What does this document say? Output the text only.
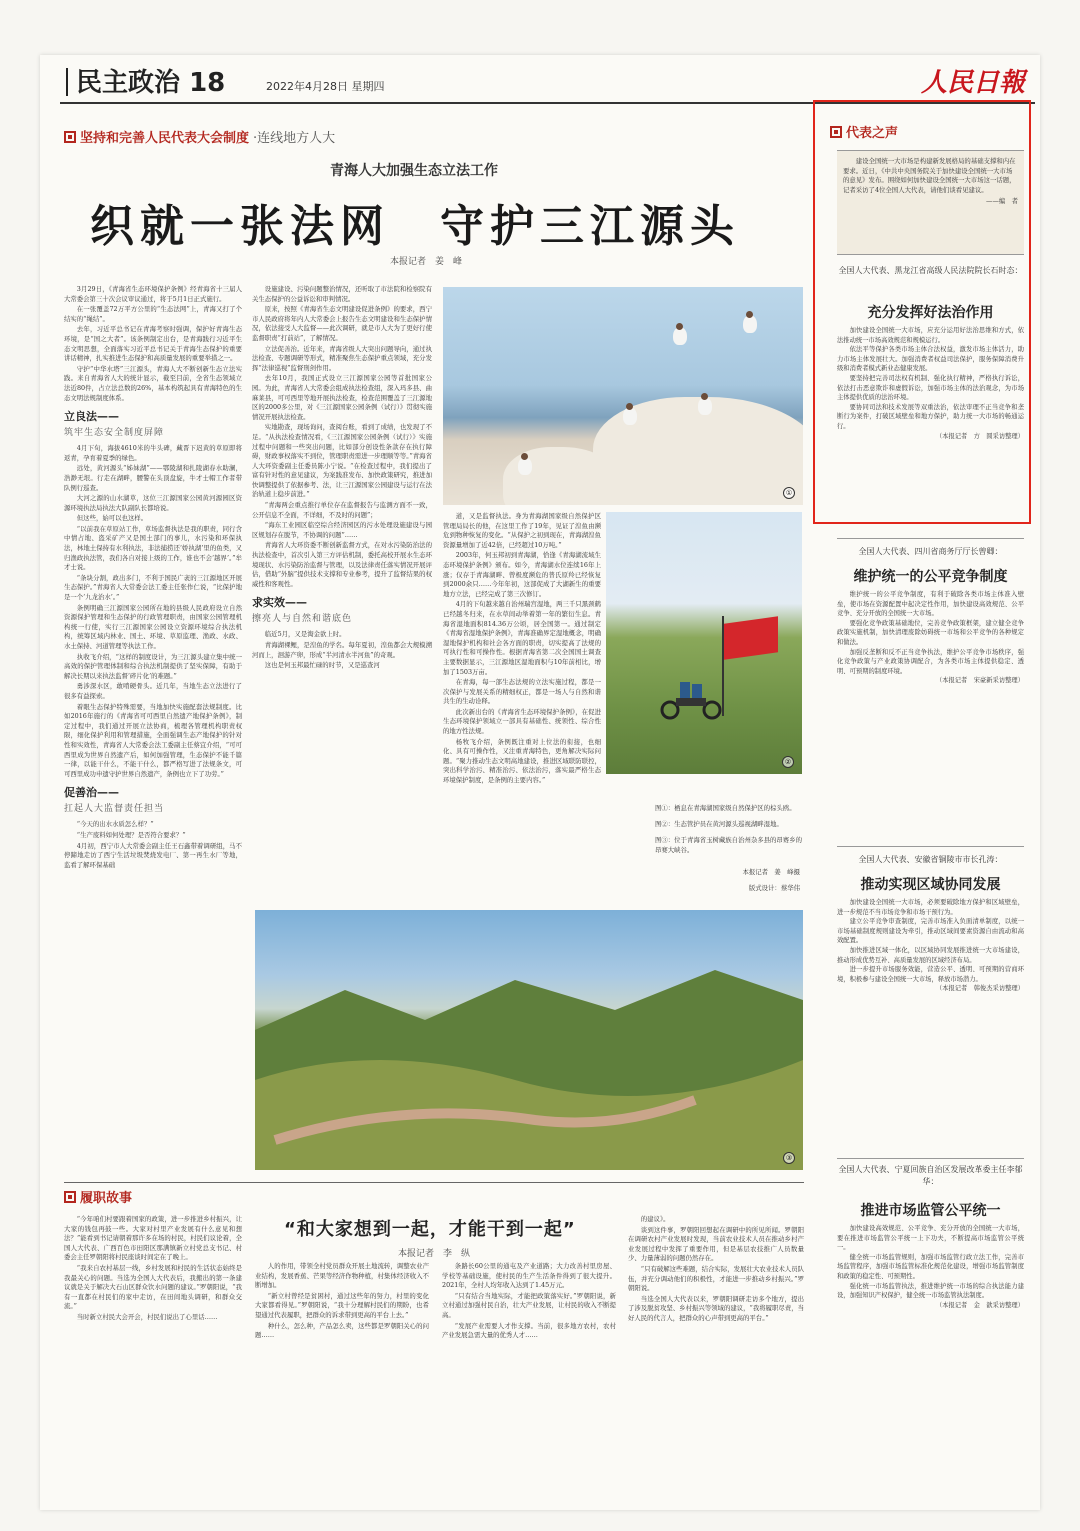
民主政治 18	2022年4月28日 星期四	人民日報
坚持和完善人民代表大会制度 ·连线地方人大
青海人大加强生态立法工作
织就一张法网　守护三江源头
本报记者　姜　峰

3月29日，《青海省生态环境保护条例》经青海省十三届人大常委会第三十次会议审议通过，将于5月1日正式施行。

在一张覆盖72万平方公里的“生态法网”上，青海又打了个结实的“绳结”。

去年，习近平总书记在青海考察时强调，保护好青海生态环境，是“国之大者”。该条例制定出台，是青海践行习近平生态文明思想，全面落实习近平总书记关于青海生态保护的重要讲话精神，扎实推进生态保护和高质量发展的重要举措之一。

守护“中华水塔”三江源头，青海人大不断创新生态立法实践。来自青海省人大的统计显示，截至目前，全省生态领域立法近80件，占立法总数的26%，基本构筑起具有青海特色的生态文明法规制度体系。

立良法——

筑牢生态安全制度屏障

4月下旬，海拔4610米的牛头碑，藏晋下迟黄的草原即将返青，孕育着夏季的绿色。

远处，黄河源头“姊妹湖”——鄂陵湖和扎陵湖春水助澜，浩渺无垠。行走在湖畔，腰警在头顶盘旋，牛才士帽工作者带队例行巡查。

大河之源的山水湖草，这位三江源国家公园黄河源园区资源环境执法局执法大队副队长都培说。

但这些，始可以也这样。

“以前我在草原站工作，草场监督执法是我的职责，同行含中情占地、盗采矿产又是国土部门的事儿，水污染和环保执法，林地土保持有水利执法，非法捕捞还‘娇执湖’里的鱼类，又归渔政执法管，我们各自对接上级的工作，谁也不会‘越界’。”牟才士说。

“条块分割，政出多门，不利于国民广袤的三江源地区开展生态保护。”青海省人大常委会法工委主任张作仁说，“比保护地是一个‘九龙治水’。”

条例明确三江源国家公园所在地的县级人民政府设立自然资源保护管理和生态保护的行政管理职责，由国家公园管理机构统一行使，实行三江源国家公园设立资源环境综合执法机构，统筹区域内林业、国土、环境、草原监理、渔政、水政、水土保持、河道管理等执法工作。

执收飞介绍，“这样的制度设计，为三江源头建立集中统一高效的保护管理体制和综合执法机制提供了坚实保障，有助于解决长期以来执法监督‘碎片化’的难题。”

勇涉深水区，敢啃硬骨头。近几年，当地生态立法进行了很多有益探索。

着眼生态保护特殊需要，当地加快实施配套法规制度。比如2016年施行的《青海省可可西里自然遗产地保护条例》，制定过程中，我们通过开展立法协商，梳理各管理机构职责权限，细化保护利用和管理措施，全面强调生态产地保护的针对性和实效性，青海省人大常委会法工委副主任蔡宜介绍，“可可西里成为世界自然遗产后，如何加强管理，生态保护不能千篇一律，以能干什么，不能干什么，都严格写进了法规条文，可可西里成功申遗守护世界自然遗产，条例也立下了功劳。”

促善治——

扛起人大监督责任担当

“今天的出水水质怎么样？”

“生产废料如何处理？是否符合要求？”

4月初，西宁市人大常委会副主任王石鑫带着调研组，马不停蹄地走访了西宁生活垃圾焚烧发电厂、第一再生水厂等地，监看了解环保基础

设施建设、污染问题整治情况，还听取了市法院和检察院有关生态保护的公益诉讼和审判情况。

原来，按照《青海省生态文明建设促进条例》的要求，西宁市人民政府将年内人大常委会上报告生态文明建设和生态保护情况，依法接受人大监督——此次调研，就是市人大为了更好行使监督职责“打前站”，了解情况。

立法促善治。近年来，青海省级人大突出问题导向，通过执法检查、专题调研等形式，精准聚焦生态保护重点领域，充分发挥“法律巡视”监督刑剑作用。

去年10月，我国正式设立三江源国家公园等首批国家公园。为此，青海省人大常委会组成执法检查组，深入玛多县、曲麻莱县，可可西里等地开展执法检查，检查范围覆盖了三江源地区的2000多公里，对《三江源国家公园条例（试行）》贯彻实施情况开展执法检查。

实地勘查，现场询问，查阅台账，看到了成绩，也发现了不足。“从执法检查情况看，《三江源国家公园条例（试行）》实施过程中问题和一些突出问题，比如部分创设性条款存在执行障碍，财政事权落实不到位，管理职责需进一步理顺等等。”青海省人大环资委副主任委员陈小宁说。“在检查过程中，我们提出了富有针对性的意见建议，为案践准发布、加快政策研究，推进加快调整提供了依据参考、法，让三江源国家公园建设与运行在法治轨道上稳步前进。”

“青海两会重点推行单位存在监督报告与监测方面不一致，公开信息不全面，不详细，不及时的问题”；

“海东工业园区临空综合经济园区的污水处理设施建设与园区规划存在脱节，不协调的问题”……

青海省人大环资委不断创新监督方式，在对水污染防治法的执法检查中，首次引入第三方评估机制，委托高校开展水生态环境现状、水污染防治监督与管理，以及法律责任落实情况开展评估，借助“外脑”提供技术支撑和专业参考，提升了监督结果的权威性和客观性。

求实效——

擦亮人与自然和谐底色

临近5月，又是淘金欲上时。

青海湖裸鲤，是湟鱼的学名。每年夏初，湟鱼都会大规模溯河而上，洄游产卵，形成“半河清水半河鱼”的奇观。

这也是何玉邦最忙碌的时节，又是巡查河

道，又是监督执法。身为青海湖国家级自然保护区管理局局长的他，在这里工作了19年，见证了湟鱼由濒危到物种恢复的变化。“从保护之初到现在，青海湖湟鱼资源量增加了近42倍，已经超过10万吨。”

2003年，何玉邦初到青海湖，恰逢《青海湖流域生态环境保护条例》颁布。如今，青海湖水位连续16年上涨；仅存于青海湖畔、曾极度濒危的普氏原羚已经恢复到2000余只……今年年初，这部促成了大湖新生的重要地方立法，已经完成了第三次修订。

4月的下旬越来越自治州瑞宫湿地，两三千只黑颈鹤已经越冬归来，在水草间动举着第一年的繁衍生息。青海省湿地面积814.36万公顷，居全国第一。通过制定《青海省湿地保护条例》，青海准确界定湿地概念，明确湿地保护机构和社会各方面的职责，切实提高了法规的可执行性和可操作性。根据青海省第二次全国国土调查主要数据显示，三江源地区湿地面积与10年前相比，增加了1503万亩。

在青海，每一部生态法规的立法实施过程，都是一次保护与发展关系的精细权正，都是一场人与自然和谐共生的生动诠释。

此次新出台的《青海省生态环境保护条例》，在促进生态环境保护领域立一部具有基础性、统领性、综合性的地方性法规。

杨牧飞介绍，条例既注重对上位法的衔接，也细化、具有可操作性，又注重青海特色，更角解决实际问题。“聚力推动生态文明高地建设，推进区域联防联控，突出科学治污、精准治污、依法治污，落实最严格生态环境保护制度，是条例的主要内容。”

①
②

图①：栖息在青海湖国家级自然保护区的棕头鸥。

图②：生态管护员在黄河源头巡视湖畔湿地。

图③：位于青海省玉树藏族自治州杂多县的昂赛乡的昂赛大峡谷。

本报记者　姜　峰摄

版式设计：蔡华伟

③
代表之声

建设全国统一大市场是构建新发展格局的基础支撑和内在要求。近日，《中共中央国务院关于加快建设全国统一大市场的意见》发布。围绕如何加快建设全国统一大市场这一话题，记者采访了4位全国人大代表，请他们谈看见建议。

——编　者
全国人大代表、黑龙江省高级人民法院院长石时态：
充分发挥好法治作用

加快建设全国统一大市场，应充分运用好法治思维和方式，依法推动统一市场高效规范和规模运行。

依法平等保护各类市场主体合法权益，激发市场主体活力，助力市场主体发展壮大。加强消费者权益司法保护，服务保障消费升级和消费者模式新业态健康发展。

要坚持把完善司法权有机制、强化执行精神，严格执行诉讼，依法打击恶意欺诈和虚假诉讼，加强市场主体的法治观念，为市场主体提供优质的法治环境。

要协同司法和技术发展等双重法治，依法审理不正当竞争和垄断行为案件，打破区域壁垒和地方保护，助力统一大市场的畅通运行。

（本报记者　方　圆采访整理）

全国人大代表、四川省商务厅厅长曾卿：
维护统一的公平竞争制度

维护统一的公平竞争制度，有利于破除各类市场主体准入壁垒，使市场在资源配置中起决定性作用，加快建设高效规范、公平竞争、充分开放的全国统一大市场。

要强化竞争政策基础地位，完善竞争政策框架，建立健全竞争政策实施机制，加快清理废除妨碍统一市场和公平竞争的各种规定和做法。

加强反垄断和反不正当竞争执法，维护公平竞争市场秩序，强化竞争政策与产业政策协调配合，为各类市场主体提供稳定、透明、可预期的制度环境。

（本报记者　宋豪新采访整理）

全国人大代表、安徽省铜陵市市长孔涛：
推动实现区域协同发展

加快建设全国统一大市场，必须要破除地方保护和区域壁垒，进一步规范不当市场竞争和市场干预行为。

建立公平竞争审查制度，完善市场准入负面清单制度，以统一市场基础制度规则建设为牵引，推动区域间要素资源自由流动和高效配置。

加快推进区域一体化，以区域协同发展推进统一大市场建设，推动形成优势互补、高质量发展的区域经济布局。

进一步提升市场服务效能，营造公平、透明、可预期的营商环境，积极参与建设全国统一大市场，释放市场潜力。

（本报记者　韩俊杰采访整理）

全国人大代表、宁夏回族自治区发展改革委主任李郁华：
推进市场监管公平统一

加快建设高效规范、公平竞争、充分开放的全国统一大市场，要在推进市场监管公平统一上下功夫，不断提高市场监管公平统一。

健全统一市场监管规则，加强市场监管行政立法工作，完善市场监管程序，加强市场监管标准化规范化建设，增强市场监管制度和政策的稳定性、可预期性。

强化统一市场监管执法，推进维护统一市场的综合执法能力建设，加强知识产权保护，健全统一市场监管执法制度。

（本报记者　金　歆采访整理）

履职故事
“和大家想到一起，才能干到一起”
本报记者　李　纵

“今年咱们村要跟着国家的政策，进一步推进乡村振兴，让大家的钱包再鼓一些。大家对村里产业发展有什么意见和想法？”能看到书记请朝着那许多在场的村民，村民们议论着，全国人大代表、广西百色市田阳区那满镇新立村党总支书记、村委会主任罗朝阳将村民座谈时间定在了晚上。

“我来自农村基层一线，乡村发展和村民的生活状态始终是我最关心的问题。当选为全国人大代表后，我搬出的第一条建议就是关于解决大石山区群众饮水问题的建议。”罗朝阳说，“我有一直都在村民们的家中走访，在田间地头调研，和群众交流。”

当时新立村民大会开会，村民们说出了心里话……

人的作用，带领全村党员群众开展土地流转，调整农业产业结构，发展香蕉、芒果等经济作物种植，村集体经济收入不断增加。

“新立村曾经是贫困村，通过这些年的努力，村里的变化大家都看得见。”罗朝阳说，“我十分理解村民们的期盼，也希望通过代表履职，把群众的诉求带到更高的平台上去。”

种什么，怎么种，产品怎么卖，这些都是罗朝阳关心的问题……

条路长60公里的通屯及产业道路；大力改善村里房屋、学校等基础设施，使村民的生产生活条件得到了很大提升。2021年，全村人均年收入达到了1.45万元。

“只有结合当地实际，才能把政策落实好。”罗朝阳说，新立村通过加强村民自治，壮大产业发展，让村民的收入不断提高。

“发展产业需要人才作支撑。当前，很多地方农村，农村产业发展急需大量的优秀人才……

的建议》。

谈到这件事，罗朝阳回想起在调研中的所见所闻。罗朝阳在调研农村产业发展时发现，当前农业技术人员在推动乡村产业发展过程中发挥了重要作用，但是基层农技推广人员数量少、力量薄弱的问题仍然存在。

“只有破解这些难题，结合实际，发展壮大农业技术人员队伍，并充分调动他们的积极性，才能进一步推动乡村振兴。”罗朝阳说。

当选全国人大代表以来，罗朝阳调研走访多个地方，提出了涉及脱贫攻坚、乡村振兴等领域的建议，“我将履职尽责，当好人民的代言人，把群众的心声带到更高的平台。”
